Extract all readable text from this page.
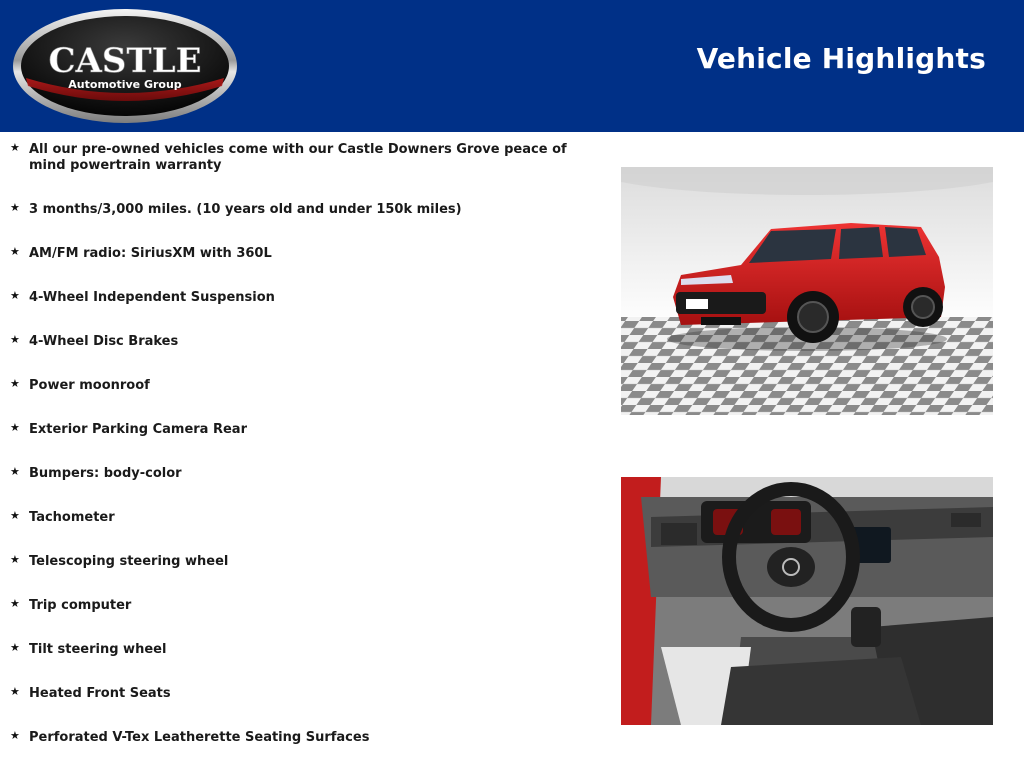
CASTLE
Automotive Group
Vehicle Highlights
★ All our pre-owned vehicles come with our Castle Downers Grove peace of mind powertrain warranty
★ 3 months/3,000 miles. (10 years old and under 150k miles)
★ AM/FM radio: SiriusXM with 360L
★ 4-Wheel Independent Suspension
★ 4-Wheel Disc Brakes
★ Power moonroof
★ Exterior Parking Camera Rear
★ Bumpers: body-color
★ Tachometer
★ Telescoping steering wheel
★ Trip computer
★ Tilt steering wheel
★ Heated Front Seats
★ Perforated V-Tex Leatherette Seating Surfaces
